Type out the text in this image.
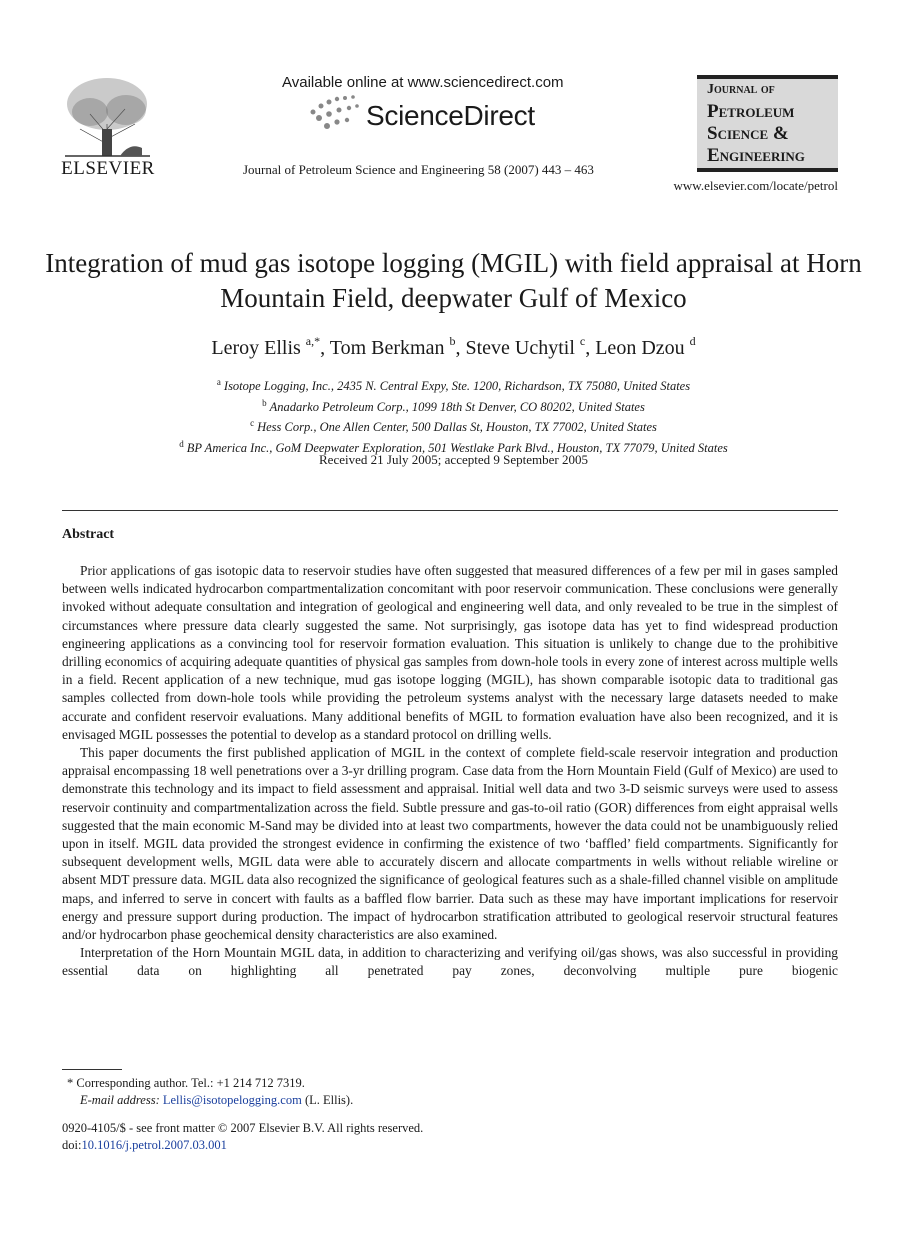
ELSEVIER
Available online at www.sciencedirect.com
ScienceDirect
Journal of Petroleum Science and Engineering 58 (2007) 443 – 463
Journal of
Petroleum
Science &
Engineering
www.elsevier.com/locate/petrol
Integration of mud gas isotope logging (MGIL) with field appraisal at Horn Mountain Field, deepwater Gulf of Mexico
Leroy Ellis $^{a,*}$, Tom Berkman $^b$, Steve Uchytil $^c$, Leon Dzou $^d$
$^a$ Isotope Logging, Inc., 2435 N. Central Expy, Ste. 1200, Richardson, TX 75080, United States
$^b$ Anadarko Petroleum Corp., 1099 18th St Denver, CO 80202, United States
$^c$ Hess Corp., One Allen Center, 500 Dallas St, Houston, TX 77002, United States
$^d$ BP America Inc., GoM Deepwater Exploration, 501 Westlake Park Blvd., Houston, TX 77079, United States
Received 21 July 2005; accepted 9 September 2005
Abstract

Prior applications of gas isotopic data to reservoir studies have often suggested that measured differences of a few per mil in gases sampled between wells indicated hydrocarbon compartmentalization concomitant with poor reservoir communication. These conclusions were generally invoked without adequate consultation and integration of geological and engineering well data, and only revealed to be true in the simplest of circumstances where pressure data clearly suggested the same. Not surprisingly, gas isotope data has yet to find widespread production engineering applications as a convincing tool for reservoir formation evaluation. This situation is unlikely to change due to the prohibitive drilling economics of acquiring adequate quantities of physical gas samples from down-hole tools in every zone of interest across multiple wells in a field. Recent application of a new technique, mud gas isotope logging (MGIL), has shown comparable isotopic data to traditional gas samples collected from down-hole tools while providing the petroleum systems analyst with the necessary large datasets needed to make accurate and confident reservoir evaluations. Many additional benefits of MGIL to formation evaluation have also been recognized, and it is envisaged MGIL possesses the potential to develop as a standard protocol on drilling wells.

This paper documents the first published application of MGIL in the context of complete field-scale reservoir integration and production appraisal encompassing 18 well penetrations over a 3-yr drilling program. Case data from the Horn Mountain Field (Gulf of Mexico) are used to demonstrate this technology and its impact to field assessment and appraisal. Initial well data and two 3-D seismic surveys were used to assess reservoir continuity and compartmentalization across the field. Subtle pressure and gas-to-oil ratio (GOR) differences from eight appraisal wells suggested that the main economic M-Sand may be divided into at least two compartments, however the data could not be unambiguously relied upon in itself. MGIL data provided the strongest evidence in confirming the existence of two ‘baffled’ field compartments. Significantly for subsequent development wells, MGIL data were able to accurately discern and allocate compartments in wells without reliable wireline or absent MDT pressure data. MGIL data also recognized the significance of geological features such as a shale-filled channel visible on amplitude maps, and inferred to serve in concert with faults as a baffled flow barrier. Data such as these may have important implications for reservoir energy and pressure support during production. The impact of hydrocarbon stratification attributed to geological reservoir structural features and/or hydrocarbon phase geochemical density characteristics are also examined.

Interpretation of the Horn Mountain MGIL data, in addition to characterizing and verifying oil/gas shows, was also successful in providing essential data on highlighting all penetrated pay zones, deconvolving multiple pure biogenic

* Corresponding author. Tel.: +1 214 712 7319.
E-mail address: Lellis@isotopelogging.com (L. Ellis).
0920-4105/$ - see front matter © 2007 Elsevier B.V. All rights reserved.
doi:10.1016/j.petrol.2007.03.001
